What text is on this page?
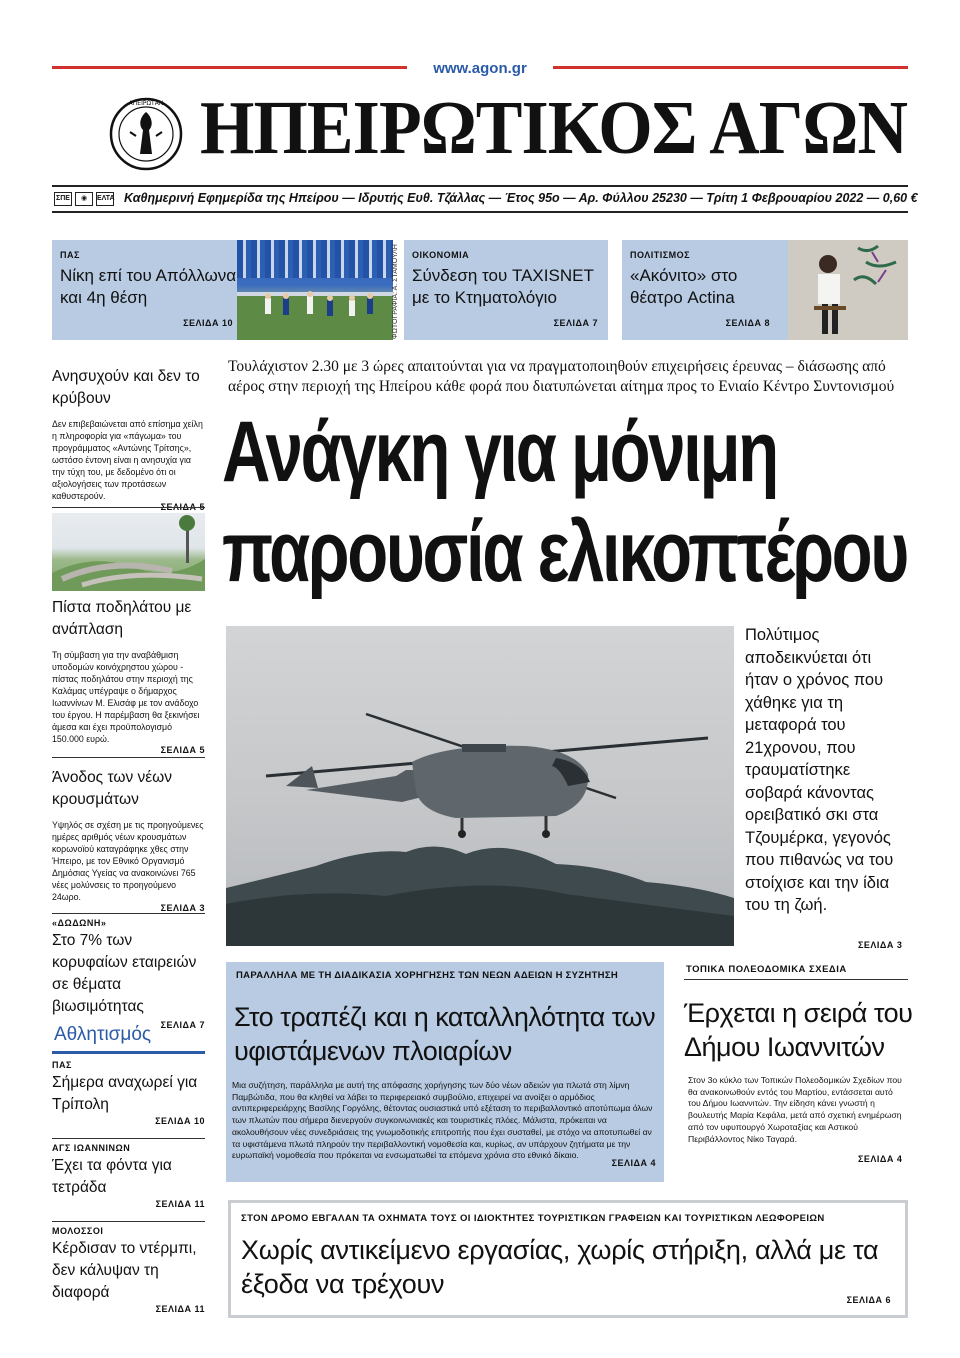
www.agon.gr
ΑΠΕΙΡΩΤΑΝ ΗΠΕΙΡΩΤΙΚΟΣ ΑΓΩΝ
ΣΠΕ	◉	ΕΛΤΑ Καθημερινή Εφημερίδα της Ηπείρου — Ιδρυτής Ευθ. Τζάλλας — Έτος 95ο — Αρ. Φύλλου 25230 — Τρίτη 1 Φεβρουαρίου 2022 — 0,60 €
ΠΑΣ
Νίκη επί του Απόλλωνα και 4η θέση
ΣΕΛΙΔΑ 10	ΦΩΤΟΓΡΑΦΙΑ: Α. ΣΤΑΜΟΥΛΗ	ΟΙΚΟΝΟΜΙΑ
Σύνδεση του TAXISNET με το Κτηματολόγιο
ΣΕΛΙΔΑ 7
ΠΟΛΙΤΙΣΜΟΣ
«Ακόνιτο» στο θέατρο Actina
ΣΕΛΙΔΑ 8
Ανησυχούν και δεν το κρύβουν
Δεν επιβεβαιώνεται από επίσημα χείλη η πληροφορία για «πάγωμα» του προγράμματος «Αντώνης Τρίτσης», ωστόσο έντονη είναι η ανησυχία για την τύχη του, με δεδομένο ότι οι αξιολογήσεις των προτάσεων καθυστερούν.
ΣΕΛΙΔΑ 5
Πίστα ποδηλάτου με ανάπλαση
Τη σύμβαση για την αναβάθμιση υποδομών κοινόχρηστου χώρου - πίστας ποδηλάτου στην περιοχή της Καλάμας υπέγραψε ο δήμαρχος Ιωαννίνων Μ. Ελισάφ με τον ανάδοχο του έργου. Η παρέμβαση θα ξεκινήσει άμεσα και έχει προϋπολογισμό 150.000 ευρώ.
ΣΕΛΙΔΑ 5
Άνοδος των νέων κρουσμάτων
Υψηλός σε σχέση με τις προηγούμενες ημέρες αριθμός νέων κρουσμάτων κορωνοϊού καταγράφηκε χθες στην Ήπειρο, με τον Εθνικό Οργανισμό Δημόσιας Υγείας να ανακοινώνει 765 νέες μολύνσεις το προηγούμενο 24ωρο.
ΣΕΛΙΔΑ 3
«ΔΩΔΩΝΗ»
Στο 7% των κορυφαίων εταιρειών σε θέματα βιωσιμότητας
ΣΕΛΙΔΑ 7
Αθλητισμός
ΠΑΣ
Σήμερα αναχωρεί για Τρίπολη
ΣΕΛΙΔΑ 10
ΑΓΣ ΙΩΑΝΝΙΝΩΝ
Έχει τα φόντα για τετράδα
ΣΕΛΙΔΑ 11
ΜΟΛΟΣΣΟΙ
Κέρδισαν το ντέρμπι, δεν κάλυψαν τη διαφορά
ΣΕΛΙΔΑ 11
Τουλάχιστον 2.30 με 3 ώρες απαιτούνται για να πραγματοποιηθούν επιχειρήσεις έρευνας – διάσωσης από αέρος στην περιοχή της Ηπείρου κάθε φορά που διατυπώνεται αίτημα προς το Ενιαίο Κέντρο Συντονισμού
Ανάγκη για μόνιμη
παρουσία ελικοπτέρου
Πολύτιμος αποδεικνύεται ότι ήταν ο χρόνος που χάθηκε για τη μεταφορά του 21χρονου, που τραυματίστηκε σοβαρά κάνοντας ορειβατικό σκι στα Τζουμέρκα, γεγονός που πιθανώς να του στοίχισε και την ίδια του τη ζωή.
ΣΕΛΙΔΑ 3
ΠΑΡΑΛΛΗΛΑ ΜΕ ΤΗ ΔΙΑΔΙΚΑΣΙΑ ΧΟΡΗΓΗΣΗΣ ΤΩΝ ΝΕΩΝ ΑΔΕΙΩΝ Η ΣΥΖΗΤΗΣΗ
Στο τραπέζι και η καταλληλότητα των υφιστάμενων πλοιαρίων
Μια συζήτηση, παράλληλα με αυτή της απόφασης χορήγησης των δύο νέων αδειών για πλωτά στη λίμνη Παμβώτιδα, που θα κληθεί να λάβει το περιφερειακό συμβούλιο, επιχειρεί να ανοίξει ο αρμόδιος αντιπεριφερειάρχης Βασίλης Γοργόλης, θέτοντας ουσιαστικά υπό εξέταση το περιβαλλοντικό αποτύπωμα όλων των πλωτών που σήμερα διενεργούν συγκοινωνιακές και τουριστικές πλόες. Μάλιστα, πρόκειται να ακολουθήσουν νέες συνεδριάσεις της γνωμοδοτικής επιτροπής που έχει συσταθεί, με στόχο να αποτυπωθεί αν τα υφιστάμενα πλωτά πληρούν την περιβαλλοντική νομοθεσία και, κυρίως, αν υπάρχουν ζητήματα με την ευρωπαϊκή νομοθεσία που πρόκειται να ενσωματωθεί τα επόμενα χρόνια στο εθνικό δίκαιο.
ΣΕΛΙΔΑ 4
ΤΟΠΙΚΑ ΠΟΛΕΟΔΟΜΙΚΑ ΣΧΕΔΙΑ
Έρχεται η σειρά του Δήμου Ιωαννιτών
Στον 3ο κύκλο των Τοπικών Πολεοδομικών Σχεδίων που θα ανακοινωθούν εντός του Μαρτίου, εντάσσεται αυτό του Δήμου Ιωαννιτών. Την είδηση κάνει γνωστή η βουλευτής Μαρία Κεφάλα, μετά από σχετική ενημέρωση από τον υφυπουργό Χωροταξίας και Αστικού Περιβάλλοντος Νίκο Ταγαρά.
ΣΕΛΙΔΑ 4
ΣΤΟΝ ΔΡΟΜΟ ΕΒΓΑΛΑΝ ΤΑ ΟΧΗΜΑΤΑ ΤΟΥΣ ΟΙ ΙΔΙΟΚΤΗΤΕΣ ΤΟΥΡΙΣΤΙΚΩΝ ΓΡΑΦΕΙΩΝ ΚΑΙ ΤΟΥΡΙΣΤΙΚΩΝ ΛΕΩΦΟΡΕΙΩΝ
Χωρίς αντικείμενο εργασίας, χωρίς στήριξη, αλλά με τα έξοδα να τρέχουν
ΣΕΛΙΔΑ 6
